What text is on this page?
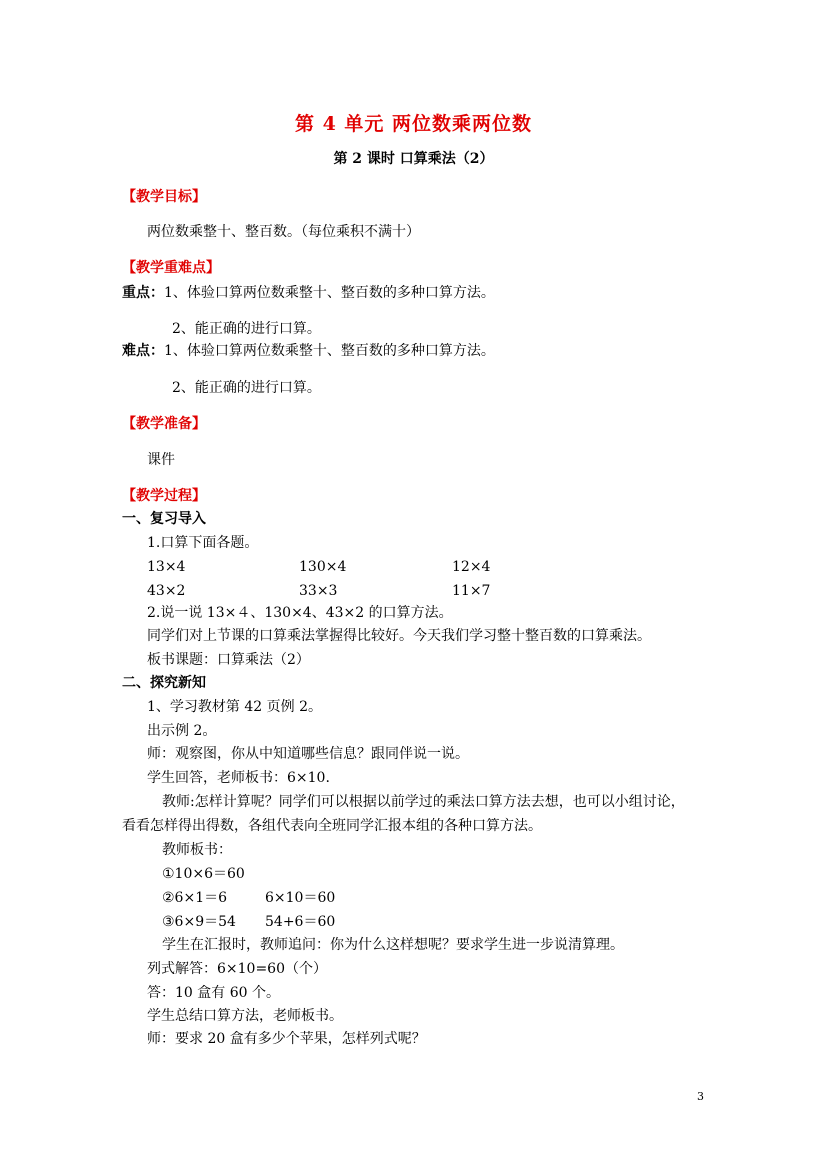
第 4 单元 两位数乘两位数
第 2 课时 口算乘法（2）
【教学目标】
两位数乘整十、整百数。（每位乘积不满十）
【教学重难点】
重点：1、体验口算两位数乘整十、整百数的多种口算方法。
2、能正确的进行口算。
难点：1、体验口算两位数乘整十、整百数的多种口算方法。
2、能正确的进行口算。
【教学准备】
课件
【教学过程】
一、复习导入
1.口算下面各题。
13×4	130×4	12×4
43×2	33×3	11×7
2.说一说 13×４、130×4、43×2 的口算方法。
同学们对上节课的口算乘法掌握得比较好。今天我们学习整十整百数的口算乘法。
板书课题：口算乘法（2）
二、探究新知
1、学习教材第 42 页例 2。
出示例 2。
师：观察图，你从中知道哪些信息？跟同伴说一说。
学生回答，老师板书：6×10.
教师:怎样计算呢？同学们可以根据以前学过的乘法口算方法去想，也可以小组讨论，
看看怎样得出得数，各组代表向全班同学汇报本组的各种口算方法。
教师板书：
①10×6＝60
②6×1＝6	6×10＝60
③6×9＝54 54+6＝60
学生在汇报时，教师追问：你为什么这样想呢？要求学生进一步说清算理。
列式解答：6×10=60（个）
答：10 盒有 60 个。
学生总结口算方法，老师板书。
师：要求 20 盒有多少个苹果，怎样列式呢？
3
